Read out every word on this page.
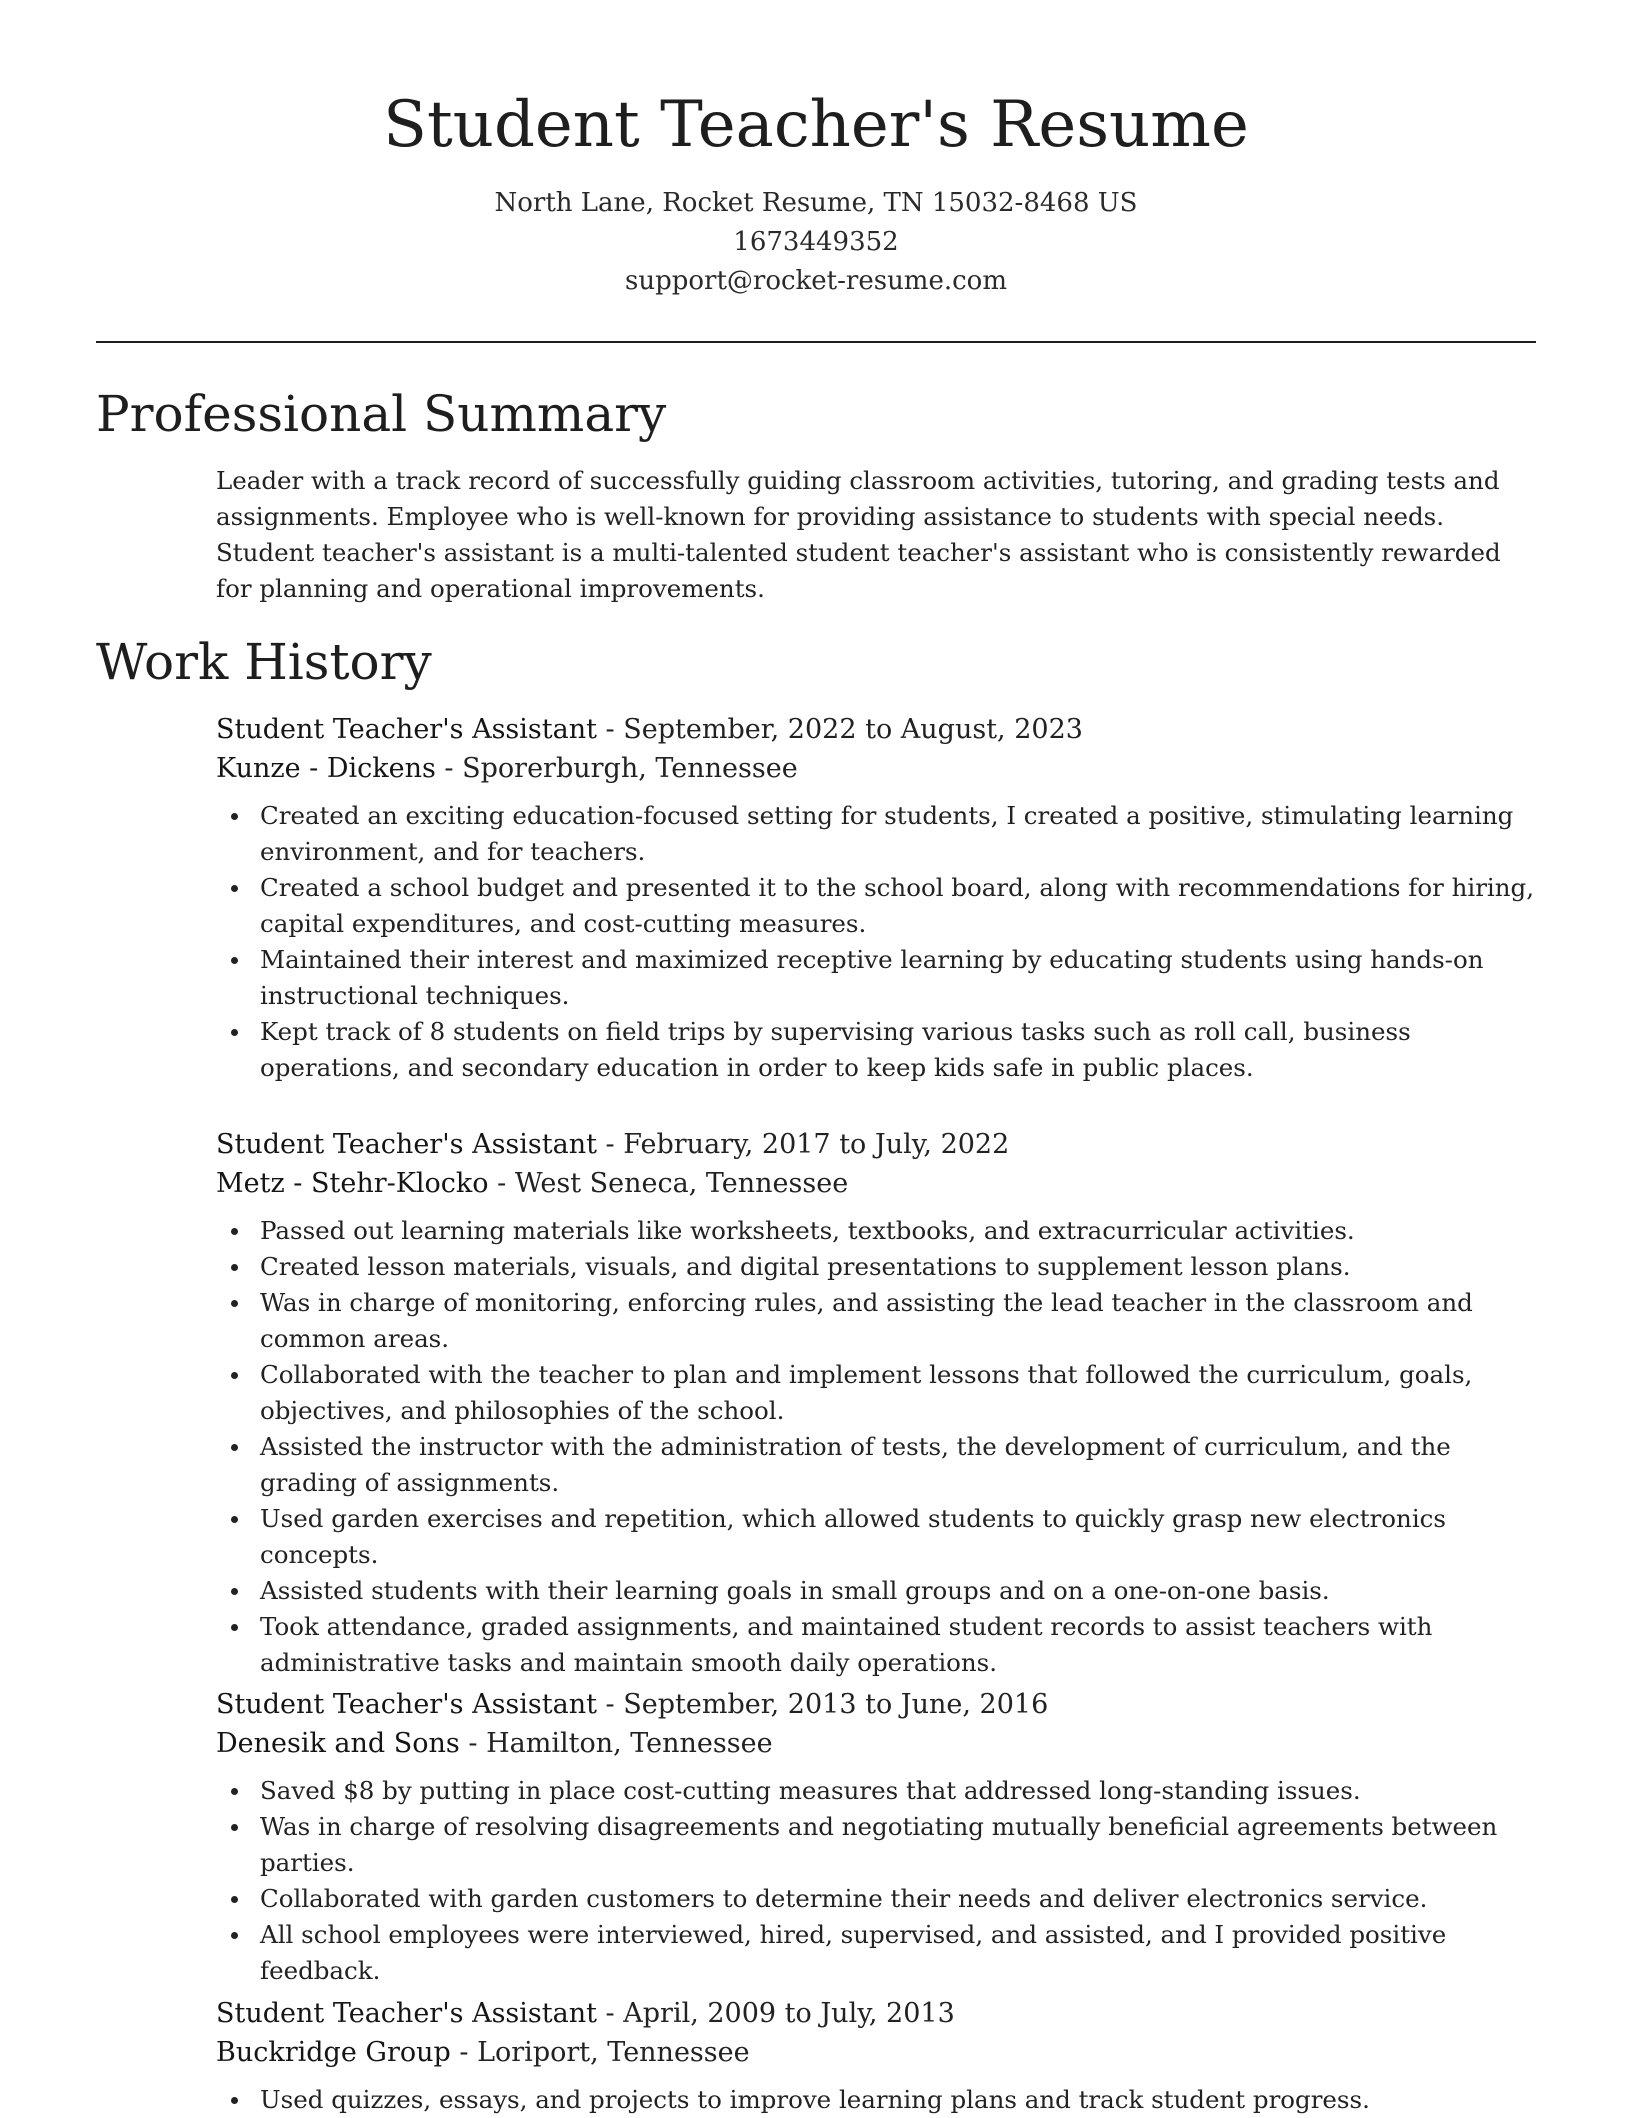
Student Teacher's Resume
North Lane, Rocket Resume, TN 15032-8468 US
1673449352
support@rocket-resume.com
Professional Summary
Leader with a track record of successfully guiding classroom activities, tutoring, and grading tests and assignments. Employee who is well-known for providing assistance to students with special needs. Student teacher's assistant is a multi-talented student teacher's assistant who is consistently rewarded for planning and operational improvements.
Work History
Student Teacher's Assistant - September, 2022 to August, 2023
Kunze - Dickens - Sporerburgh, Tennessee
Created an exciting education-focused setting for students, I created a positive, stimulating learning environment, and for teachers.
Created a school budget and presented it to the school board, along with recommendations for hiring, capital expenditures, and cost-cutting measures.
Maintained their interest and maximized receptive learning by educating students using hands-on instructional techniques.
Kept track of 8 students on field trips by supervising various tasks such as roll call, business operations, and secondary education in order to keep kids safe in public places.
Student Teacher's Assistant - February, 2017 to July, 2022
Metz - Stehr-Klocko - West Seneca, Tennessee
Passed out learning materials like worksheets, textbooks, and extracurricular activities.
Created lesson materials, visuals, and digital presentations to supplement lesson plans.
Was in charge of monitoring, enforcing rules, and assisting the lead teacher in the classroom and common areas.
Collaborated with the teacher to plan and implement lessons that followed the curriculum, goals, objectives, and philosophies of the school.
Assisted the instructor with the administration of tests, the development of curriculum, and the grading of assignments.
Used garden exercises and repetition, which allowed students to quickly grasp new electronics concepts.
Assisted students with their learning goals in small groups and on a one-on-one basis.
Took attendance, graded assignments, and maintained student records to assist teachers with administrative tasks and maintain smooth daily operations.
Student Teacher's Assistant - September, 2013 to June, 2016
Denesik and Sons - Hamilton, Tennessee
Saved $8 by putting in place cost-cutting measures that addressed long-standing issues.
Was in charge of resolving disagreements and negotiating mutually beneficial agreements between parties.
Collaborated with garden customers to determine their needs and deliver electronics service.
All school employees were interviewed, hired, supervised, and assisted, and I provided positive feedback.
Student Teacher's Assistant - April, 2009 to July, 2013
Buckridge Group - Loriport, Tennessee
Used quizzes, essays, and projects to improve learning plans and track student progress.
